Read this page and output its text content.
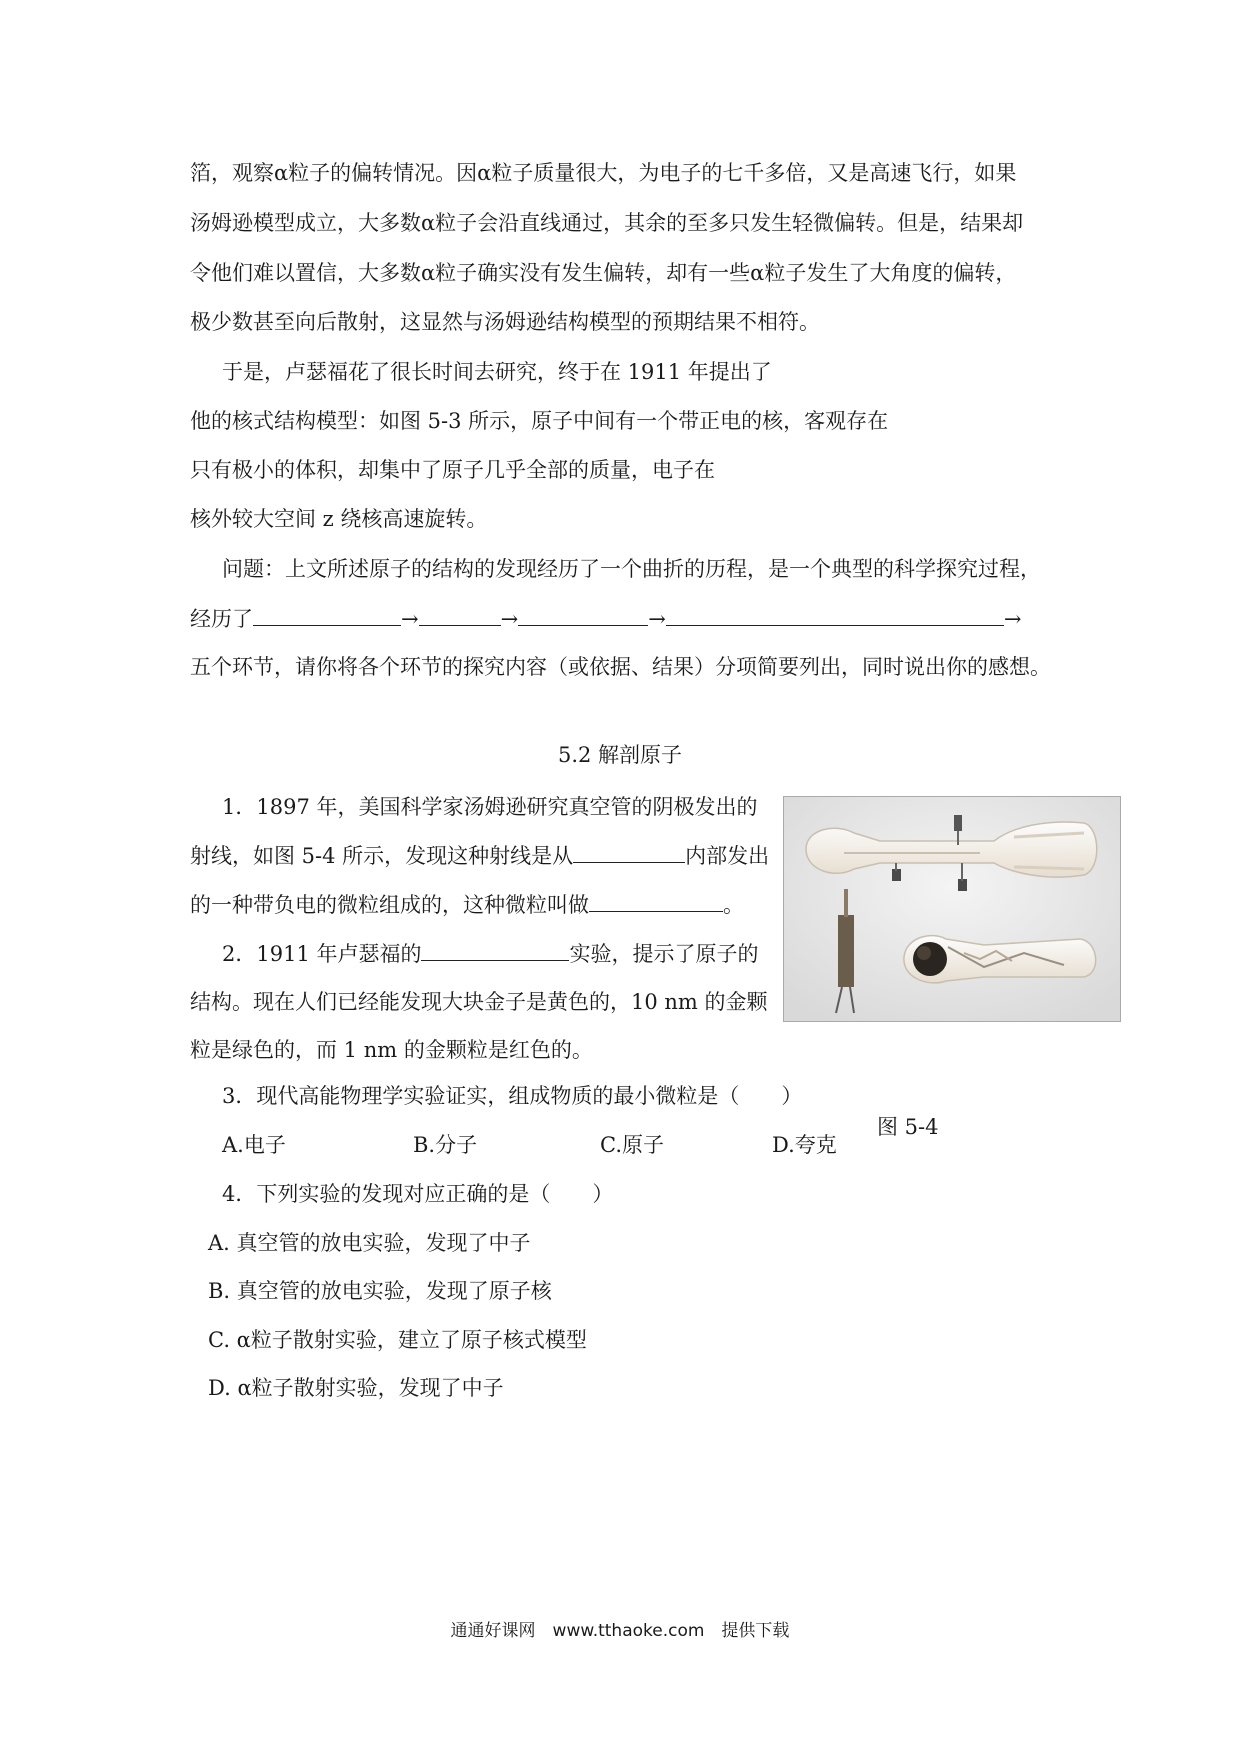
箔，观察α粒子的偏转情况。因α粒子质量很大，为电子的七千多倍，又是高速飞行，如果
汤姆逊模型成立，大多数α粒子会沿直线通过，其余的至多只发生轻微偏转。但是，结果却
令他们难以置信，大多数α粒子确实没有发生偏转，却有一些α粒子发生了大角度的偏转，
极少数甚至向后散射，这显然与汤姆逊结构模型的预期结果不相符。
于是，卢瑟福花了很长时间去研究，终于在 1911 年提出了
他的核式结构模型：如图 5-3 所示，原子中间有一个带正电的核，客观存在
只有极小的体积，却集中了原子几乎全部的质量，电子在
核外较大空间 z 绕核高速旋转。
问题：上文所述原子的结构的发现经历了一个曲折的历程，是一个典型的科学探究过程，
经历了	→	→	→	→
五个环节，请你将各个环节的探究内容（或依据、结果）分项简要列出，同时说出你的感想。
5.2 解剖原子
1．1897 年，美国科学家汤姆逊研究真空管的阴极发出的
射线，如图 5-4 所示，发现这种射线是从	内部发出
的一种带负电的微粒组成的，这种微粒叫做	。
2．1911 年卢瑟福的	实验，提示了原子的
结构。现在人们已经能发现大块金子是黄色的，10 nm 的金颗
粒是绿色的，而 1 nm 的金颗粒是红色的。
3．现代高能物理学实验证实，组成物质的最小微粒是（　　）
图 5-4
A.电子	B.分子	C.原子	D.夸克
4．下列实验的发现对应正确的是（　　）
A. 真空管的放电实验，发现了中子
B. 真空管的放电实验，发现了原子核
C. α粒子散射实验，建立了原子核式模型
D. α粒子散射实验，发现了中子
通通好课网　www.tthaoke.com　提供下载
